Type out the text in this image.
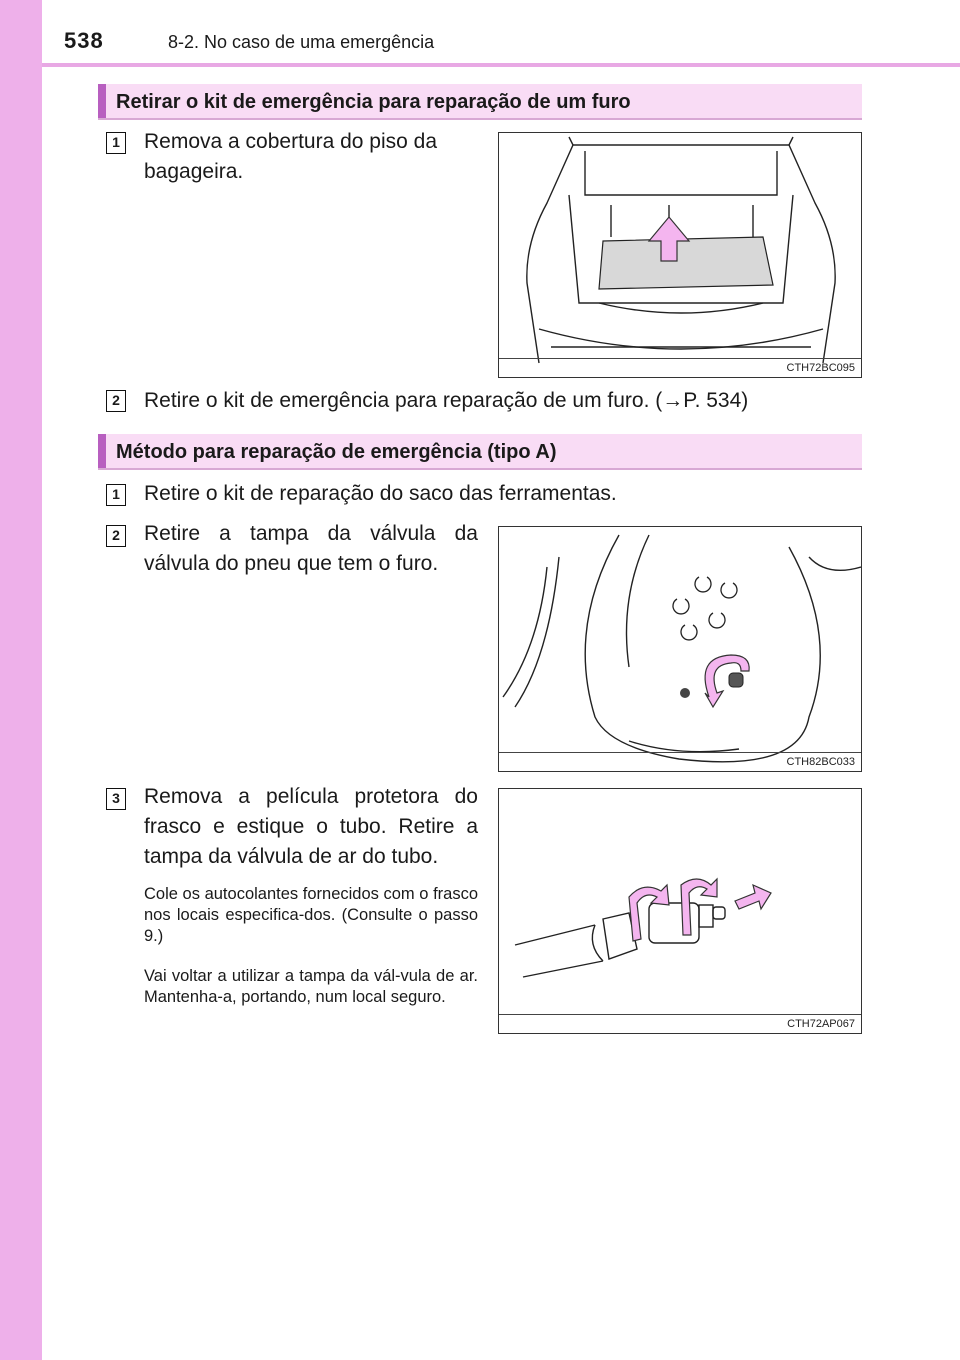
538	8-2. No caso de uma emergência
Retirar o kit de emergência para reparação de um furo
1 Remova a cobertura do piso da bagageira.
CTH72BC095
2 Retire o kit de emergência para reparação de um furo. (→P. 534)
Método para reparação de emergência (tipo A)
1 Retire o kit de reparação do saco das ferramentas.
2 Retire a tampa da válvula da válvula do pneu que tem o furo.
CTH82BC033
3 Remova a película protetora do frasco e estique o tubo. Retire a tampa da válvula de ar do tubo.
Cole os autocolantes fornecidos com o frasco nos locais especifica-dos. (Consulte o passo 9.)
Vai voltar a utilizar a tampa da vál-vula de ar. Mantenha-a, portando, num local seguro.
CTH72AP067
